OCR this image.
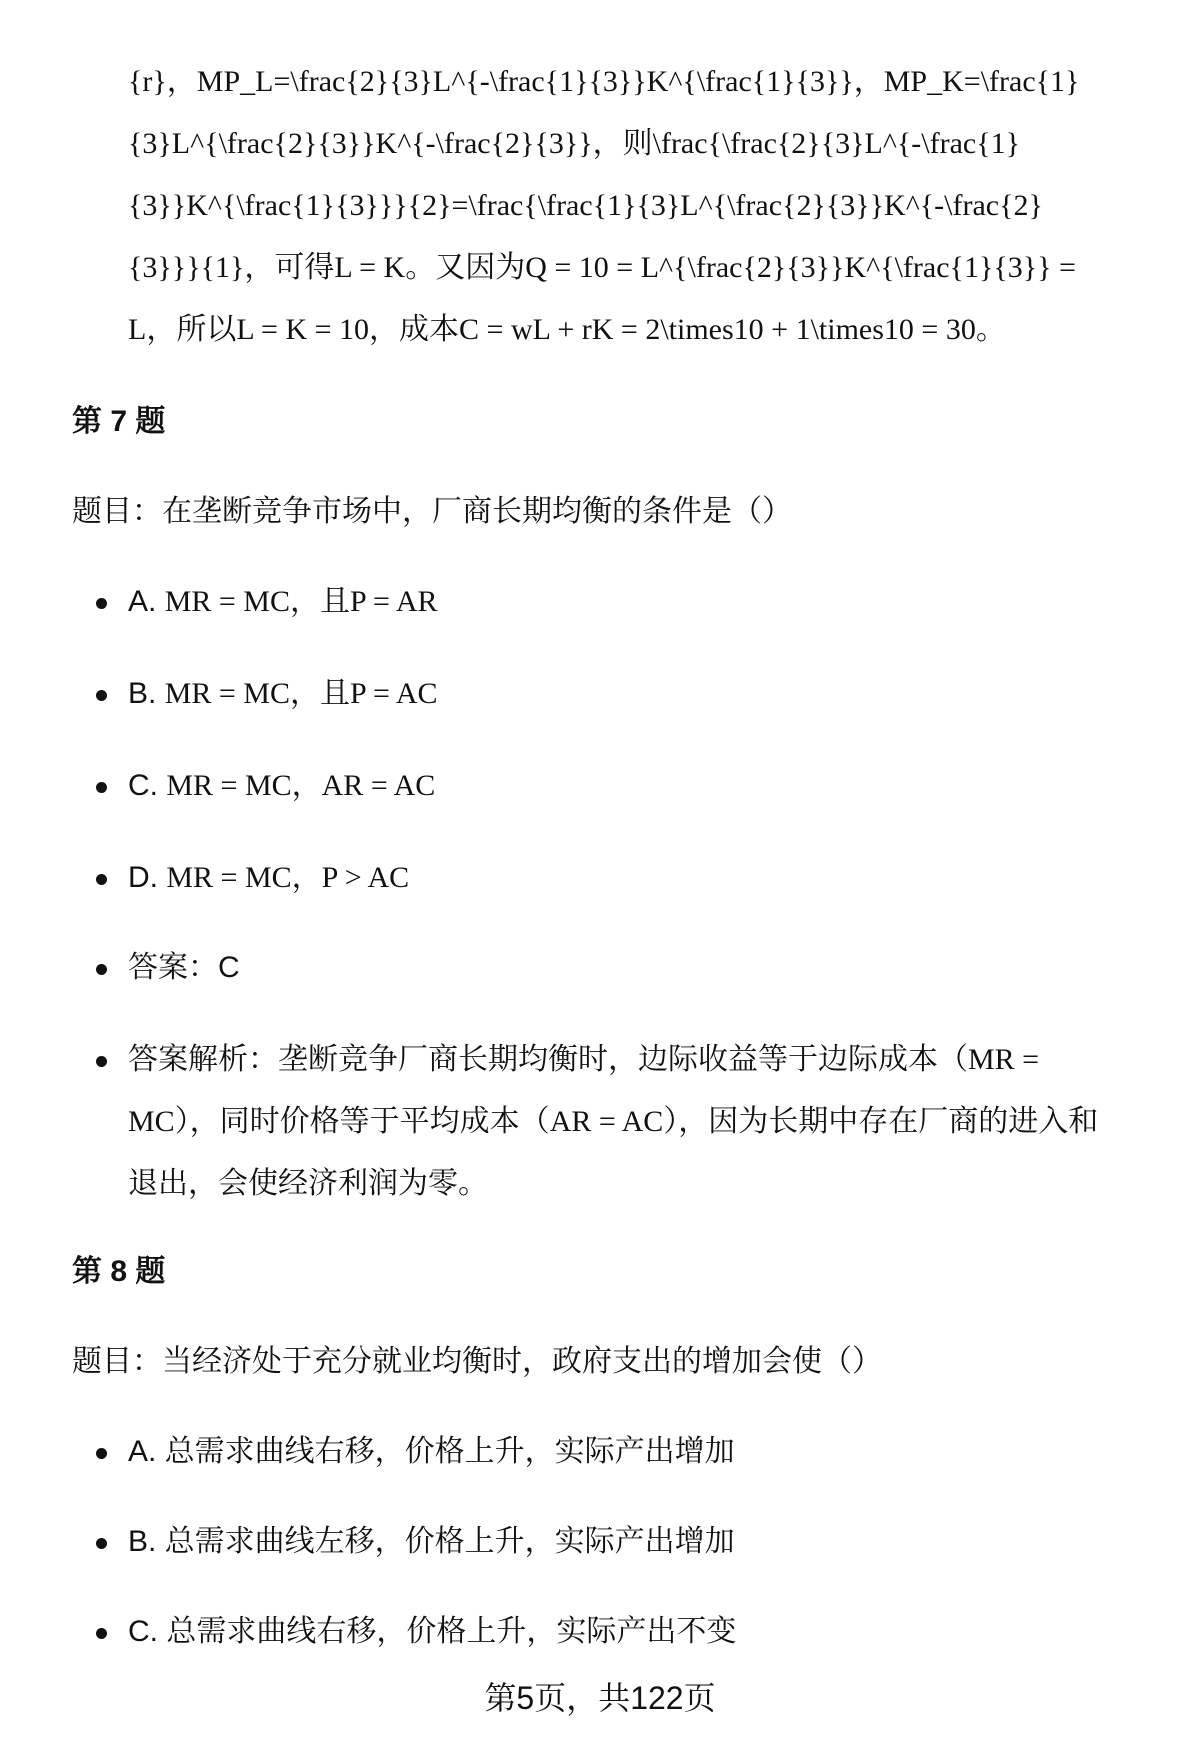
{r}，MP_L=\frac{2}{3}L^{-\frac{1}{3}}K^{\frac{1}{3}}，MP_K=\frac{1}
{3}L^{\frac{2}{3}}K^{-\frac{2}{3}}，则\frac{\frac{2}{3}L^{-\frac{1}
{3}}K^{\frac{1}{3}}}{2}=\frac{\frac{1}{3}L^{\frac{2}{3}}K^{-\frac{2}
{3}}}{1}，可得L = K。又因为Q = 10 = L^{\frac{2}{3}}K^{\frac{1}{3}} =
L，所以L = K = 10，成本C = wL + rK = 2\times10 + 1\times10 = 30。
第 7 题
题目：在垄断竞争市场中，厂商长期均衡的条件是（）
A. MR = MC，且P = AR
B. MR = MC，且P = AC
C. MR = MC，AR = AC
D. MR = MC，P > AC
答案：C
答案解析：垄断竞争厂商长期均衡时，边际收益等于边际成本（MR =
MC），同时价格等于平均成本（AR = AC），因为长期中存在厂商的进入和
退出，会使经济利润为零。
第 8 题
题目：当经济处于充分就业均衡时，政府支出的增加会使（）
A. 总需求曲线右移，价格上升，实际产出增加
B. 总需求曲线左移，价格上升，实际产出增加
C. 总需求曲线右移，价格上升，实际产出不变
第5页，共122页
